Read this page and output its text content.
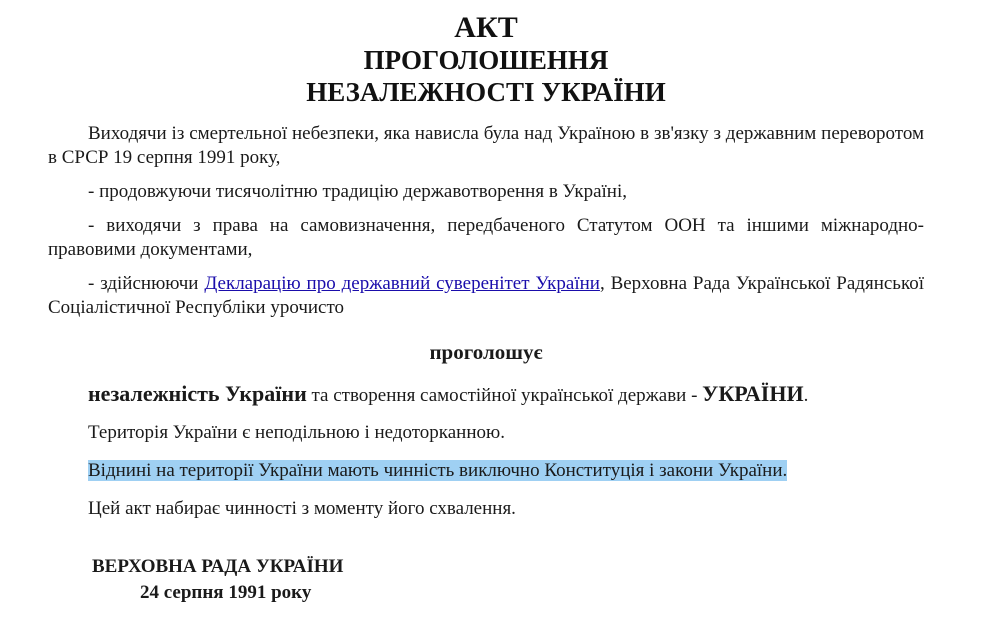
АКТ
ПРОГОЛОШЕННЯ
НЕЗАЛЕЖНОСТІ УКРАЇНИ

Виходячи із смертельної небезпеки, яка нависла була над Україною в зв'язку з державним переворотом в СРСР 19 серпня 1991 року,

- продовжуючи тисячолітню традицію державотворення в Україні,

- виходячи з права на самовизначення, передбаченого Статутом ООН та іншими міжнародно-правовими документами,

- здійснюючи Декларацію про державний суверенітет України, Верховна Рада Української Радянської Соціалістичної Республіки урочисто

проголошує

незалежність України та створення самостійної української держави - УКРАЇНИ.

Територія України є неподільною і недоторканною.

Віднині на території України мають чинність виключно Конституція і закони України.

Цей акт набирає чинності з моменту його схвалення.

ВЕРХОВНА РАДА УКРАЇНИ

24 серпня 1991 року
